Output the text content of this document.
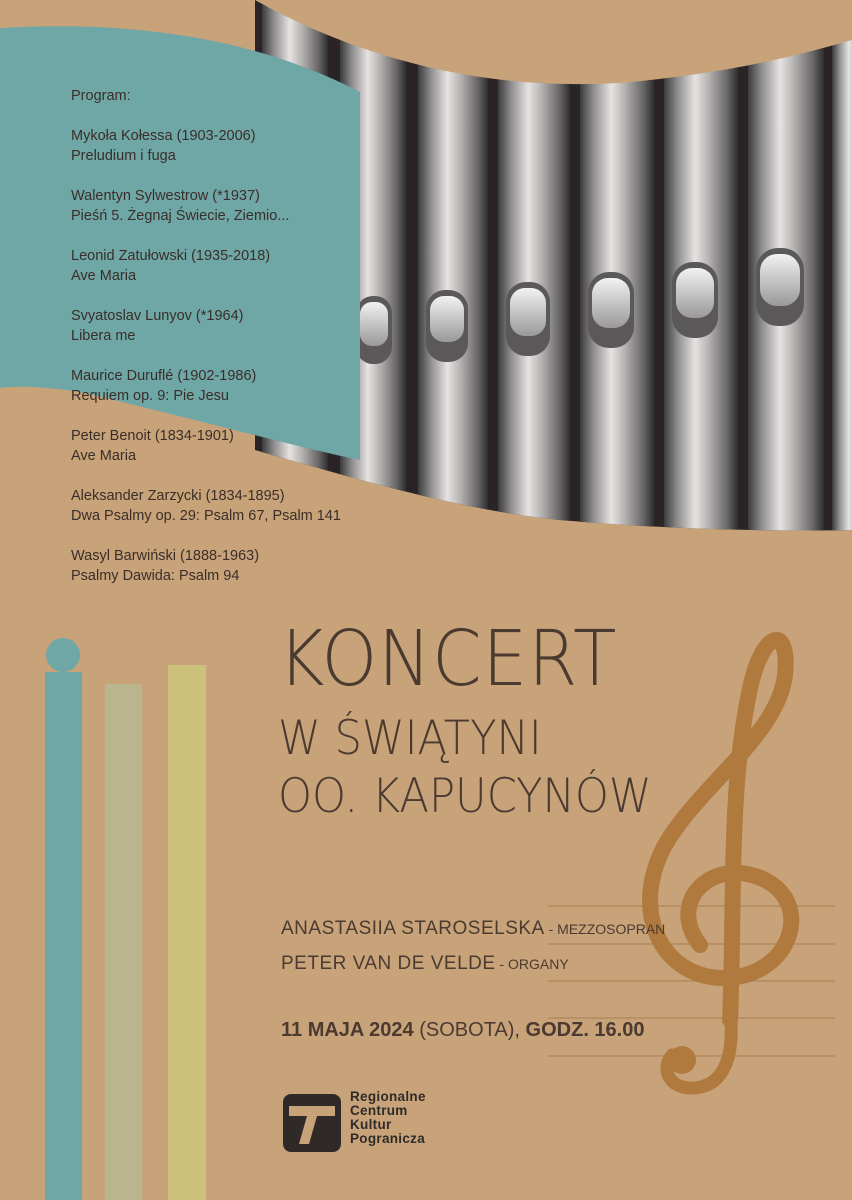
Program:
Mykoła Kołessa (1903-2006)
Preludium i fuga
Walentyn Sylwestrow (*1937)
Pieśń 5. Żegnaj Świecie, Ziemio...
Leonid Zatułowski (1935-2018)
Ave Maria
Svyatoslav Lunyov (*1964)
Libera me
Maurice Duruflé (1902-1986)
Requiem op. 9: Pie Jesu
Peter Benoit (1834-1901)
Ave Maria
Aleksander Zarzycki (1834-1895)
Dwa Psalmy op. 29: Psalm 67, Psalm 141
Wasyl Barwiński (1888-1963)
Psalmy Dawida: Psalm 94
KONCERT
W ŚWIĄTYNI
OO. KAPUCYNÓW
ANASTASIIA STAROSELSKA - MEZZOSOPRAN
PETER VAN DE VELDE - ORGANY
11 MAJA 2024 (SOBOTA), GODZ. 16.00
Regionalne
Centrum
Kultur
Pogranicza
